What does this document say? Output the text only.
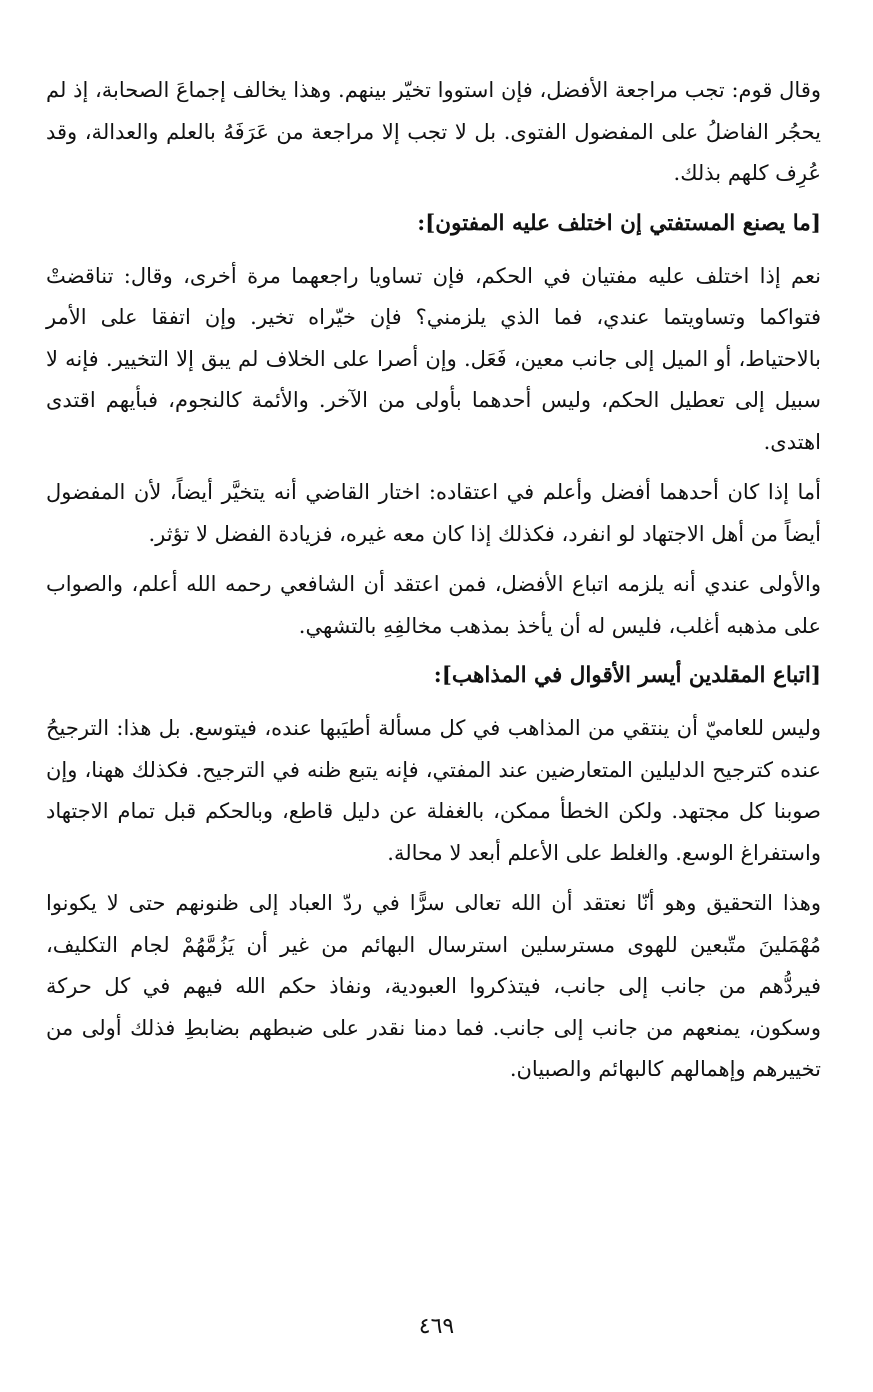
وقال قوم: تجب مراجعة الأفضل، فإن استووا تخيّر بينهم. وهذا يخالف إجماعَ الصحابة، إذ لم يحجُر الفاضلُ على المفضول الفتوى. بل لا تجب إلا مراجعة من عَرَفَهُ بالعلم والعدالة، وقد عُرِف كلهم بذلك.

[ما يصنع المستفتي إن اختلف عليه المفتون]:

نعم إذا اختلف عليه مفتيان في الحكم، فإن تساويا راجعهما مرة أخرى، وقال: تناقضتْ فتواكما وتساويتما عندي، فما الذي يلزمني؟ فإن خيّراه تخير. وإن اتفقا على الأمر بالاحتياط، أو الميل إلى جانب معين، فَعَل. وإن أصرا على الخلاف لم يبق إلا التخيير. فإنه لا سبيل إلى تعطيل الحكم، وليس أحدهما بأولى من الآخر. والأئمة كالنجوم، فبأيهم اقتدى اهتدى.

أما إذا كان أحدهما أفضل وأعلم في اعتقاده: اختار القاضي أنه يتخيَّر أيضاً، لأن المفضول أيضاً من أهل الاجتهاد لو انفرد، فكذلك إذا كان معه غيره، فزيادة الفضل لا تؤثر.

والأولى عندي أنه يلزمه اتباع الأفضل، فمن اعتقد أن الشافعي رحمه الله أعلم، والصواب على مذهبه أغلب، فليس له أن يأخذ بمذهب مخالفِهِ بالتشهي.

[اتباع المقلدين أيسر الأقوال في المذاهب]:

وليس للعاميّ أن ينتقي من المذاهب في كل مسألة أطيَبها عنده، فيتوسع. بل هذا: الترجيحُ عنده كترجيح الدليلين المتعارضين عند المفتي، فإنه يتبع ظنه في الترجيح. فكذلك ههنا، وإن صوبنا كل مجتهد. ولكن الخطأ ممكن، بالغفلة عن دليل قاطع، وبالحكم قبل تمام الاجتهاد واستفراغ الوسع. والغلط على الأعلم أبعد لا محالة.

وهذا التحقيق وهو أنّا نعتقد أن الله تعالى سرًّا في ردّ العباد إلى ظنونهم حتى لا يكونوا مُهْمَلينَ متّبعين للهوى مسترسلين استرسال البهائم من غير أن يَزُمَّهُمْ لجام التكليف، فيردُّهم من جانب إلى جانب، فيتذكروا العبودية، ونفاذ حكم الله فيهم في كل حركة وسكون، يمنعهم من جانب إلى جانب. فما دمنا نقدر على ضبطهم بضابطِ فذلك أولى من تخييرهم وإهمالهم كالبهائم والصبيان.

٤٦٩
